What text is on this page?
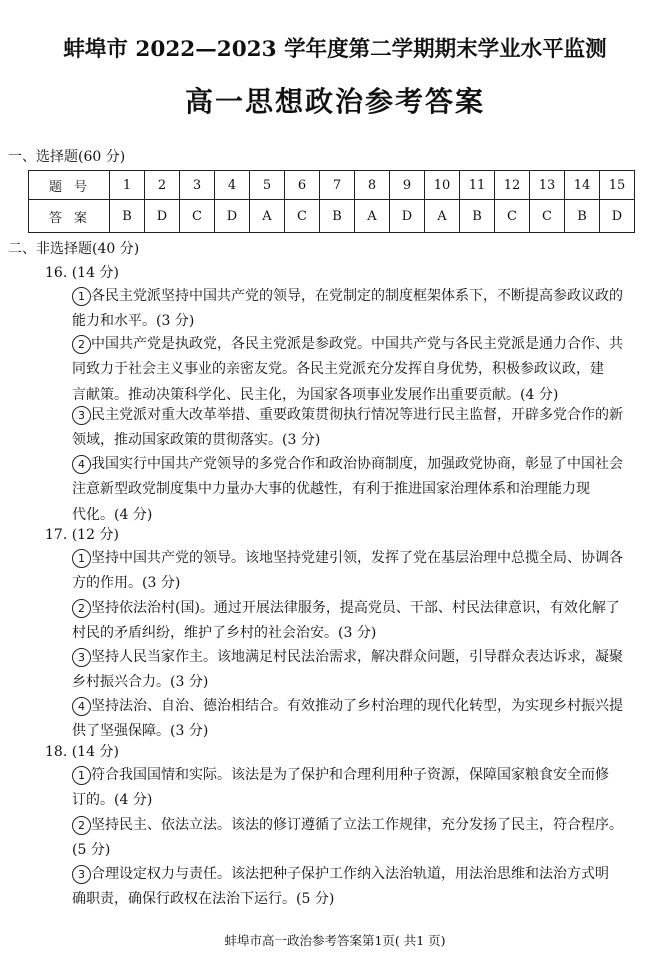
蚌埠市 2022—2023 学年度第二学期期末学业水平监测
高一思想政治参考答案
一、选择题(60 分)
题号	1	2	3	4	5	6	7	8	9	10	11	12	13	14	15
答案	B	D	C	D	A	C	B	A	D	A	B	C	C	B	D
二、非选择题(40 分)
16. (14 分)
1 各民主党派坚持中国共产党的领导，在党制定的制度框架体系下，不断提高参政议政的
能力和水平。(3 分)
2 中国共产党是执政党，各民主党派是参政党。中国共产党与各民主党派是通力合作、共
同致力于社会主义事业的亲密友党。各民主党派充分发挥自身优势，积极参政议政，建
言献策。推动决策科学化、民主化，为国家各项事业发展作出重要贡献。(4 分)
3 民主党派对重大改革举措、重要政策贯彻执行情况等进行民主监督，开辟多党合作的新
领域，推动国家政策的贯彻落实。(3 分)
4 我国实行中国共产党领导的多党合作和政治协商制度，加强政党协商，彰显了中国社会
注意新型政党制度集中力量办大事的优越性，有利于推进国家治理体系和治理能力现
代化。(4 分)
17. (12 分)
1 坚持中国共产党的领导。该地坚持党建引领，发挥了党在基层治理中总揽全局、协调各
方的作用。(3 分)
2 坚持依法治村(国)。通过开展法律服务，提高党员、干部、村民法律意识，有效化解了
村民的矛盾纠纷，维护了乡村的社会治安。(3 分)
3 坚持人民当家作主。该地满足村民法治需求，解决群众问题，引导群众表达诉求，凝聚
乡村振兴合力。(3 分)
4 坚持法治、自治、德治相结合。有效推动了乡村治理的现代化转型，为实现乡村振兴提
供了坚强保障。(3 分)
18. (14 分)
1 符合我国国情和实际。该法是为了保护和合理利用种子资源，保障国家粮食安全而修
订的。(4 分)
2 坚持民主、依法立法。该法的修订遵循了立法工作规律，充分发扬了民主，符合程序。
(5 分)
3 合理设定权力与责任。该法把种子保护工作纳入法治轨道，用法治思维和法治方式明
确职责，确保行政权在法治下运行。(5 分)
蚌埠市高一政治参考答案第1页( 共1 页)
